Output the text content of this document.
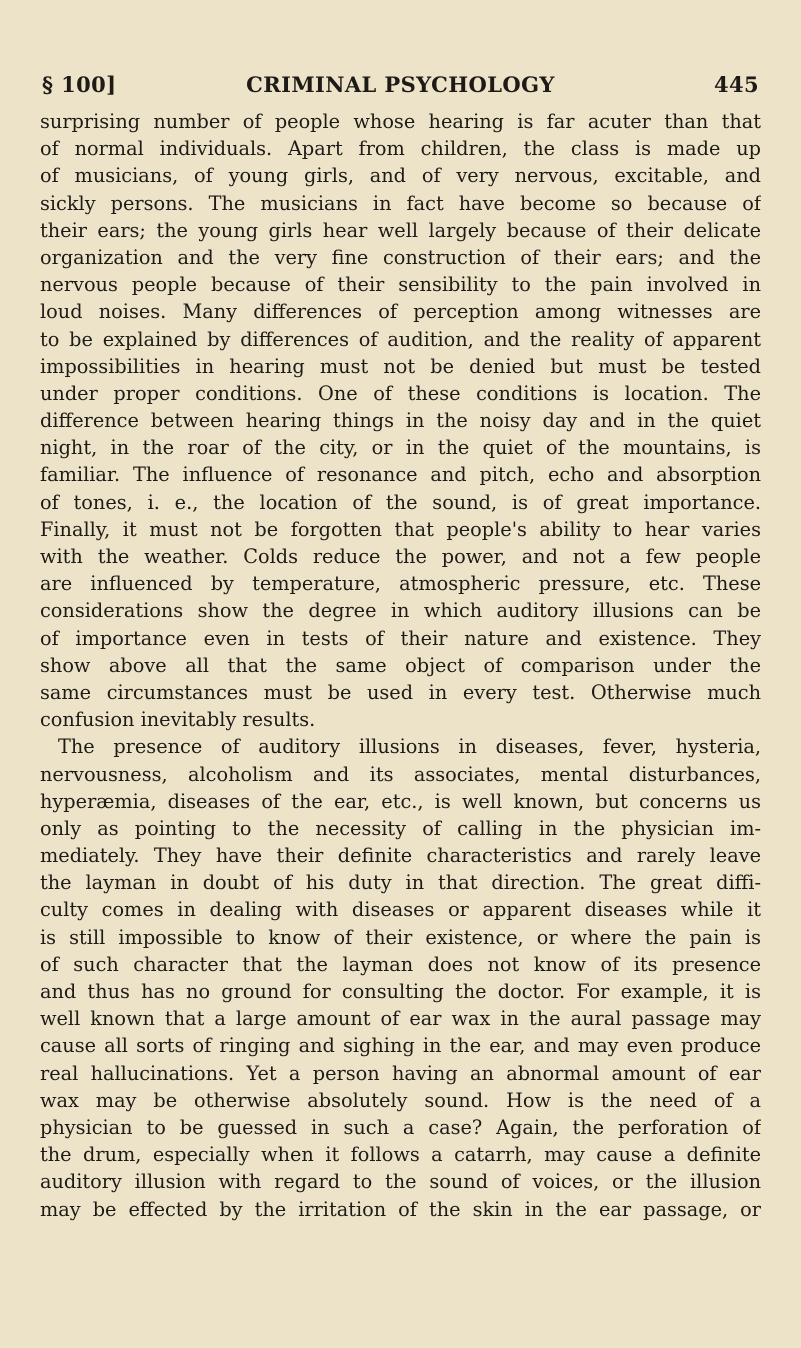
§ 100]	CRIMINAL PSYCHOLOGY	445
surprising number of people whose hearing is far acuter than that
of normal individuals. Apart from children, the class is made up
of musicians, of young girls, and of very nervous, excitable, and
sickly persons. The musicians in fact have become so because of
their ears; the young girls hear well largely because of their delicate
organization and the very fine construction of their ears; and the
nervous people because of their sensibility to the pain involved in
loud noises. Many differences of perception among witnesses are
to be explained by differences of audition, and the reality of apparent
impossibilities in hearing must not be denied but must be tested
under proper conditions. One of these conditions is location. The
difference between hearing things in the noisy day and in the quiet
night, in the roar of the city, or in the quiet of the mountains, is
familiar. The influence of resonance and pitch, echo and absorption
of tones, i. e., the location of the sound, is of great importance.
Finally, it must not be forgotten that people's ability to hear varies
with the weather. Colds reduce the power, and not a few people
are influenced by temperature, atmospheric pressure, etc. These
considerations show the degree in which auditory illusions can be
of importance even in tests of their nature and existence. They
show above all that the same object of comparison under the
same circumstances must be used in every test. Otherwise much
confusion inevitably results.
The presence of auditory illusions in diseases, fever, hysteria,
nervousness, alcoholism and its associates, mental disturbances,
hyperæmia, diseases of the ear, etc., is well known, but concerns us
only as pointing to the necessity of calling in the physician im-
mediately. They have their definite characteristics and rarely leave
the layman in doubt of his duty in that direction. The great diffi-
culty comes in dealing with diseases or apparent diseases while it
is still impossible to know of their existence, or where the pain is
of such character that the layman does not know of its presence
and thus has no ground for consulting the doctor. For example, it is
well known that a large amount of ear wax in the aural passage may
cause all sorts of ringing and sighing in the ear, and may even produce
real hallucinations. Yet a person having an abnormal amount of ear
wax may be otherwise absolutely sound. How is the need of a
physician to be guessed in such a case? Again, the perforation of
the drum, especially when it follows a catarrh, may cause a definite
auditory illusion with regard to the sound of voices, or the illusion
may be effected by the irritation of the skin in the ear passage, or
